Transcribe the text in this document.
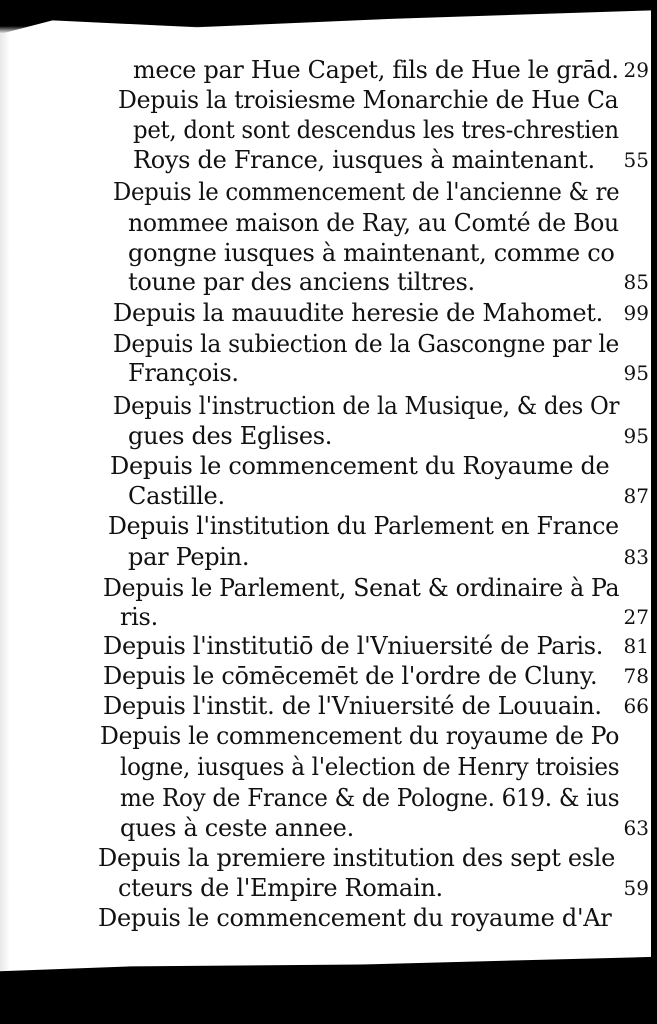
mece par Hue Capet, fils de Hue le grād. 29
Depuis la troisiesme Monarchie de Hue Ca
pet, dont sont descendus les tres-chrestien
Roys de France, iusques à maintenant. 55
Depuis le commencement de l'ancienne & re
nommee maison de Ray, au Comté de Bou
gongne iusques à maintenant, comme co
toune par des anciens tiltres.	85
Depuis la mauudite heresie de Mahomet. 99
Depuis la subiection de la Gascongne par le
François.	95
Depuis l'instruction de la Musique, & des Or
gues des Eglises.	95
Depuis le commencement du Royaume de
Castille.	87
Depuis l'institution du Parlement en France
par Pepin.	83
Depuis le Parlement, Senat & ordinaire à Pa
ris.	27
Depuis l'institutiō de l'Vniuersité de Paris. 81
Depuis le cōmēcemēt de l'ordre de Cluny. 78
Depuis l'instit. de l'Vniuersité de Louuain. 66
Depuis le commencement du royaume de Po
logne, iusques à l'election de Henry troisies
me Roy de France & de Pologne. 619. & ius
ques à ceste annee.	63
Depuis la premiere institution des sept esle
cteurs de l'Empire Romain.	59
Depuis le commencement du royaume d'Ar
